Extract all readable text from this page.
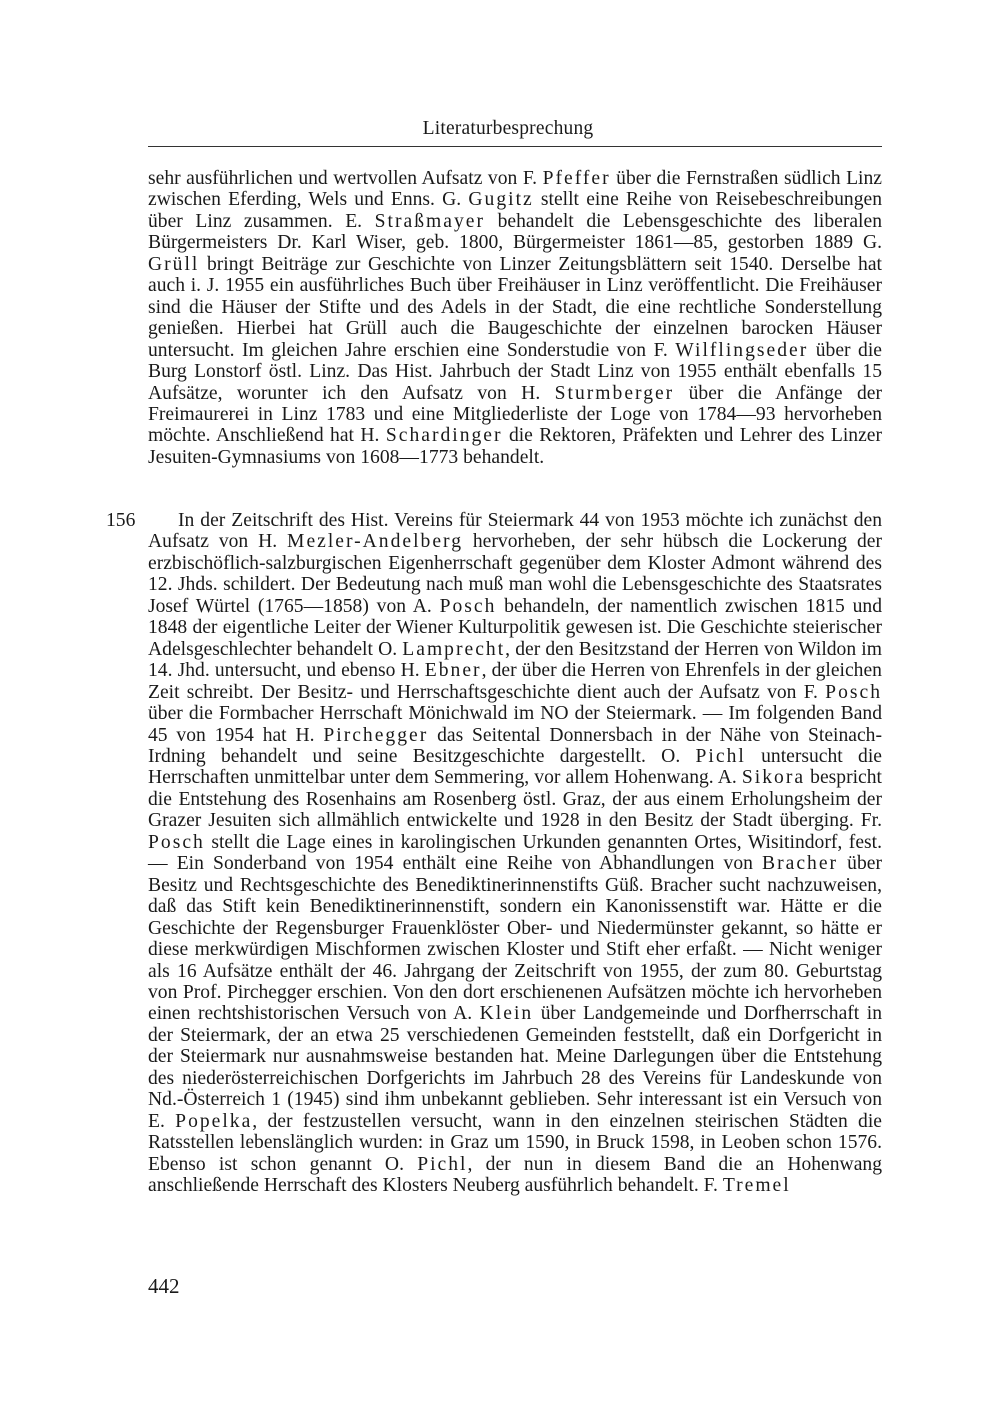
Literaturbesprechung

sehr ausführlichen und wertvollen Aufsatz von F. Pfeffer über die Fernstraßen südlich Linz zwischen Eferding, Wels und Enns. G. Gugitz stellt eine Reihe von Reisebeschreibungen über Linz zusammen. E. Straßmayer behandelt die Lebensgeschichte des liberalen Bürgermeisters Dr. Karl Wiser, geb. 1800, Bürgermeister 1861—85, gestorben 1889 G. Grüll bringt Beiträge zur Geschichte von Linzer Zeitungsblättern seit 1540. Derselbe hat auch i. J. 1955 ein ausführliches Buch über Freihäuser in Linz veröffentlicht. Die Freihäuser sind die Häuser der Stifte und des Adels in der Stadt, die eine rechtliche Sonderstellung genießen. Hierbei hat Grüll auch die Baugeschichte der einzelnen barocken Häuser untersucht. Im gleichen Jahre erschien eine Sonderstudie von F. Wilflingseder über die Burg Lonstorf östl. Linz. Das Hist. Jahrbuch der Stadt Linz von 1955 enthält ebenfalls 15 Aufsätze, worunter ich den Aufsatz von H. Sturmberger über die Anfänge der Freimaurerei in Linz 1783 und eine Mitgliederliste der Loge von 1784—93 hervorheben möchte. Anschließend hat H. Schardinger die Rektoren, Präfekten und Lehrer des Linzer Jesuiten-Gymnasiums von 1608—1773 behandelt.

156	In der Zeitschrift des Hist. Vereins für Steiermark 44 von 1953 möchte ich zunächst den Aufsatz von H. Mezler-Andelberg hervorheben, der sehr hübsch die Lockerung der erzbischöflich-salzburgischen Eigenherrschaft gegenüber dem Kloster Admont während des 12. Jhds. schildert. Der Bedeutung nach muß man wohl die Lebensgeschichte des Staatsrates Josef Würtel (1765—1858) von A. Posch behandeln, der namentlich zwischen 1815 und 1848 der eigentliche Leiter der Wiener Kulturpolitik gewesen ist. Die Geschichte steierischer Adelsgeschlechter behandelt O. Lamprecht, der den Besitzstand der Herren von Wildon im 14. Jhd. untersucht, und ebenso H. Ebner, der über die Herren von Ehrenfels in der gleichen Zeit schreibt. Der Besitz- und Herrschaftsgeschichte dient auch der Aufsatz von F. Posch über die Formbacher Herrschaft Mönichwald im NO der Steiermark. — Im folgenden Band 45 von 1954 hat H. Pirchegger das Seitental Donnersbach in der Nähe von Steinach-Irdning behandelt und seine Besitzgeschichte dargestellt. O. Pichl untersucht die Herrschaften unmittelbar unter dem Semmering, vor allem Hohenwang. A. Sikora bespricht die Entstehung des Rosenhains am Rosenberg östl. Graz, der aus einem Erholungsheim der Grazer Jesuiten sich allmählich entwickelte und 1928 in den Besitz der Stadt überging. Fr. Posch stellt die Lage eines in karolingischen Urkunden genannten Ortes, Wisitindorf, fest. — Ein Sonderband von 1954 enthält eine Reihe von Abhandlungen von Bracher über Besitz und Rechtsgeschichte des Benediktinerinnenstifts Güß. Bracher sucht nachzuweisen, daß das Stift kein Benediktinerinnenstift, sondern ein Kanonissenstift war. Hätte er die Geschichte der Regensburger Frauenklöster Ober- und Niedermünster gekannt, so hätte er diese merkwürdigen Mischformen zwischen Kloster und Stift eher erfaßt. — Nicht weniger als 16 Aufsätze enthält der 46. Jahrgang der Zeitschrift von 1955, der zum 80. Geburtstag von Prof. Pirchegger erschien. Von den dort erschienenen Aufsätzen möchte ich hervorheben einen rechtshistorischen Versuch von A. Klein über Landgemeinde und Dorfherrschaft in der Steiermark, der an etwa 25 verschiedenen Gemeinden feststellt, daß ein Dorfgericht in der Steiermark nur ausnahmsweise bestanden hat. Meine Darlegungen über die Entstehung des niederösterreichischen Dorfgerichts im Jahrbuch 28 des Vereins für Landeskunde von Nd.-Österreich 1 (1945) sind ihm unbekannt geblieben. Sehr interessant ist ein Versuch von E. Popelka, der festzustellen versucht, wann in den einzelnen steirischen Städten die Ratsstellen lebenslänglich wurden: in Graz um 1590, in Bruck 1598, in Leoben schon 1576. Ebenso ist schon genannt O. Pichl, der nun in diesem Band die an Hohenwang anschließende Herrschaft des Klosters Neuberg ausführlich behandelt. F. Tremel

442
